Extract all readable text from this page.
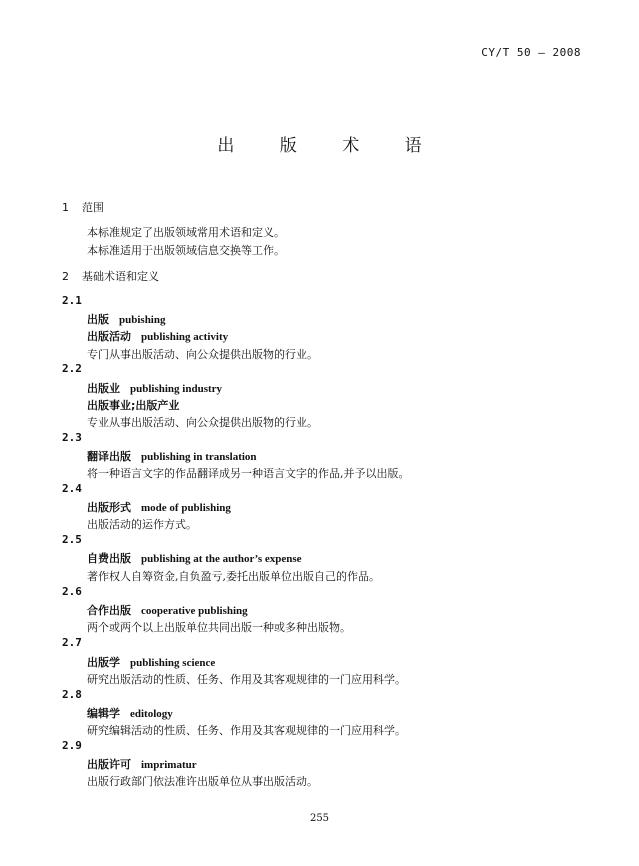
CY/T 50 — 2008
出 版 术 语
1 范围
本标准规定了出版领域常用术语和定义。
本标准适用于出版领域信息交换等工作。
2 基础术语和定义
2.1
出版 pubishing
出版活动 publishing activity
专门从事出版活动、向公众提供出版物的行业。
2.2
出版业 publishing industry
出版事业;出版产业
专业从事出版活动、向公众提供出版物的行业。
2.3
翻译出版 publishing in translation
将一种语言文字的作品翻译成另一种语言文字的作品,并予以出版。
2.4
出版形式 mode of publishing
出版活动的运作方式。
2.5
自费出版 publishing at the author’s expense
著作权人自筹资金,自负盈亏,委托出版单位出版自己的作品。
2.6
合作出版 cooperative publishing
两个或两个以上出版单位共同出版一种或多种出版物。
2.7
出版学 publishing science
研究出版活动的性质、任务、作用及其客观规律的一门应用科学。
2.8
编辑学 editology
研究编辑活动的性质、任务、作用及其客观规律的一门应用科学。
2.9
出版许可 imprimatur
出版行政部门依法准许出版单位从事出版活动。
255
